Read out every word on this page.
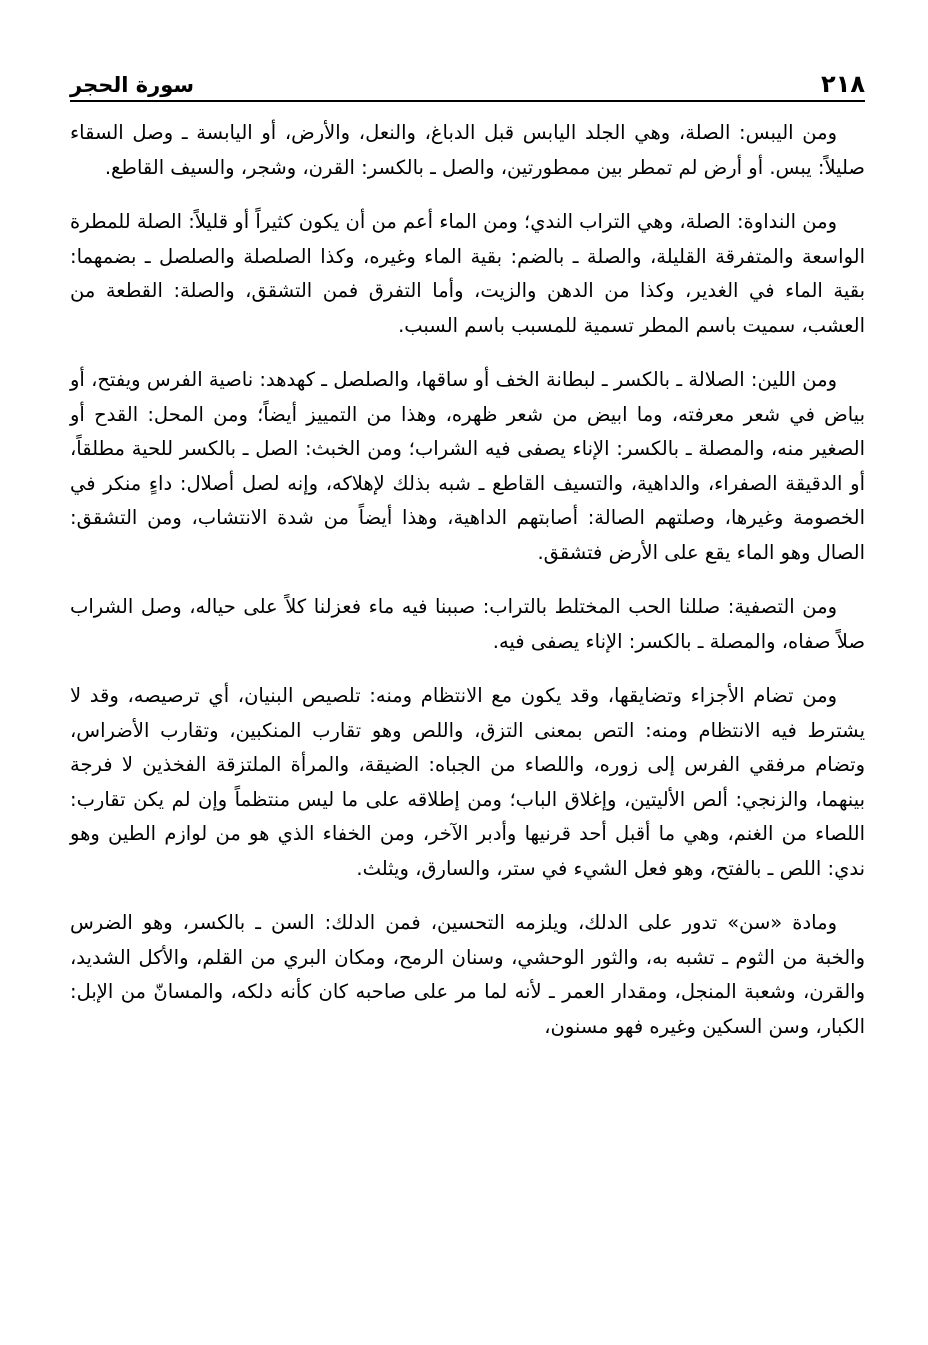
٢١٨
سورة الحجر

ومن اليبس: الصلة، وهي الجلد اليابس قبل الدباغ، والنعل، والأرض، أو اليابسة ـ وصل السقاء صليلاً: يبس. أو أرض لم تمطر بين ممطورتين، والصل ـ بالكسر: القرن، وشجر، والسيف القاطع.

ومن النداوة: الصلة، وهي التراب الندي؛ ومن الماء أعم من أن يكون كثيراً أو قليلاً: الصلة للمطرة الواسعة والمتفرقة القليلة، والصلة ـ بالضم: بقية الماء وغيره، وكذا الصلصلة والصلصل ـ بضمهما: بقية الماء في الغدير، وكذا من الدهن والزيت، وأما التفرق فمن التشقق، والصلة: القطعة من العشب، سميت باسم المطر تسمية للمسبب باسم السبب.

ومن اللين: الصلالة ـ بالكسر ـ لبطانة الخف أو ساقها، والصلصل ـ كهدهد: ناصية الفرس ويفتح، أو بياض في شعر معرفته، وما ابيض من شعر ظهره، وهذا من التمييز أيضاً؛ ومن المحل: القدح أو الصغير منه، والمصلة ـ بالكسر: الإناء يصفى فيه الشراب؛ ومن الخبث: الصل ـ بالكسر للحية مطلقاً، أو الدقيقة الصفراء، والداهية، والتسيف القاطع ـ شبه بذلك لإهلاكه، وإنه لصل أصلال: داءٍ منكر في الخصومة وغيرها، وصلتهم الصالة: أصابتهم الداهية، وهذا أيضاً من شدة الانتشاب، ومن التشقق: الصال وهو الماء يقع على الأرض فتشقق.

ومن التصفية: صللنا الحب المختلط بالتراب: صببنا فيه ماء فعزلنا كلاً على حياله، وصل الشراب صلاً صفاه، والمصلة ـ بالكسر: الإناء يصفى فيه.

ومن تضام الأجزاء وتضايقها، وقد يكون مع الانتظام ومنه: تلصيص البنيان، أي ترصيصه، وقد لا يشترط فيه الانتظام ومنه: التص بمعنى التزق، واللص وهو تقارب المنكبين، وتقارب الأضراس، وتضام مرفقي الفرس إلى زوره، واللصاء من الجباه: الضيقة، والمرأة الملتزقة الفخذين لا فرجة بينهما، والزنجي: ألص الأليتين، وإغلاق الباب؛ ومن إطلاقه على ما ليس منتظماً وإن لم يكن تقارب: اللصاء من الغنم، وهي ما أقبل أحد قرنيها وأدبر الآخر، ومن الخفاء الذي هو من لوازم الطين وهو ندي: اللص ـ بالفتح، وهو فعل الشيء في ستر، والسارق، ويثلث.

ومادة «سن» تدور على الدلك، ويلزمه التحسين، فمن الدلك: السن ـ بالكسر، وهو الضرس والخبة من الثوم ـ تشبه به، والثور الوحشي، وسنان الرمح، ومكان البري من القلم، والأكل الشديد، والقرن، وشعبة المنجل، ومقدار العمر ـ لأنه لما مر على صاحبه كان كأنه دلكه، والمسانّ من الإبل: الكبار، وسن السكين وغيره فهو مسنون،
